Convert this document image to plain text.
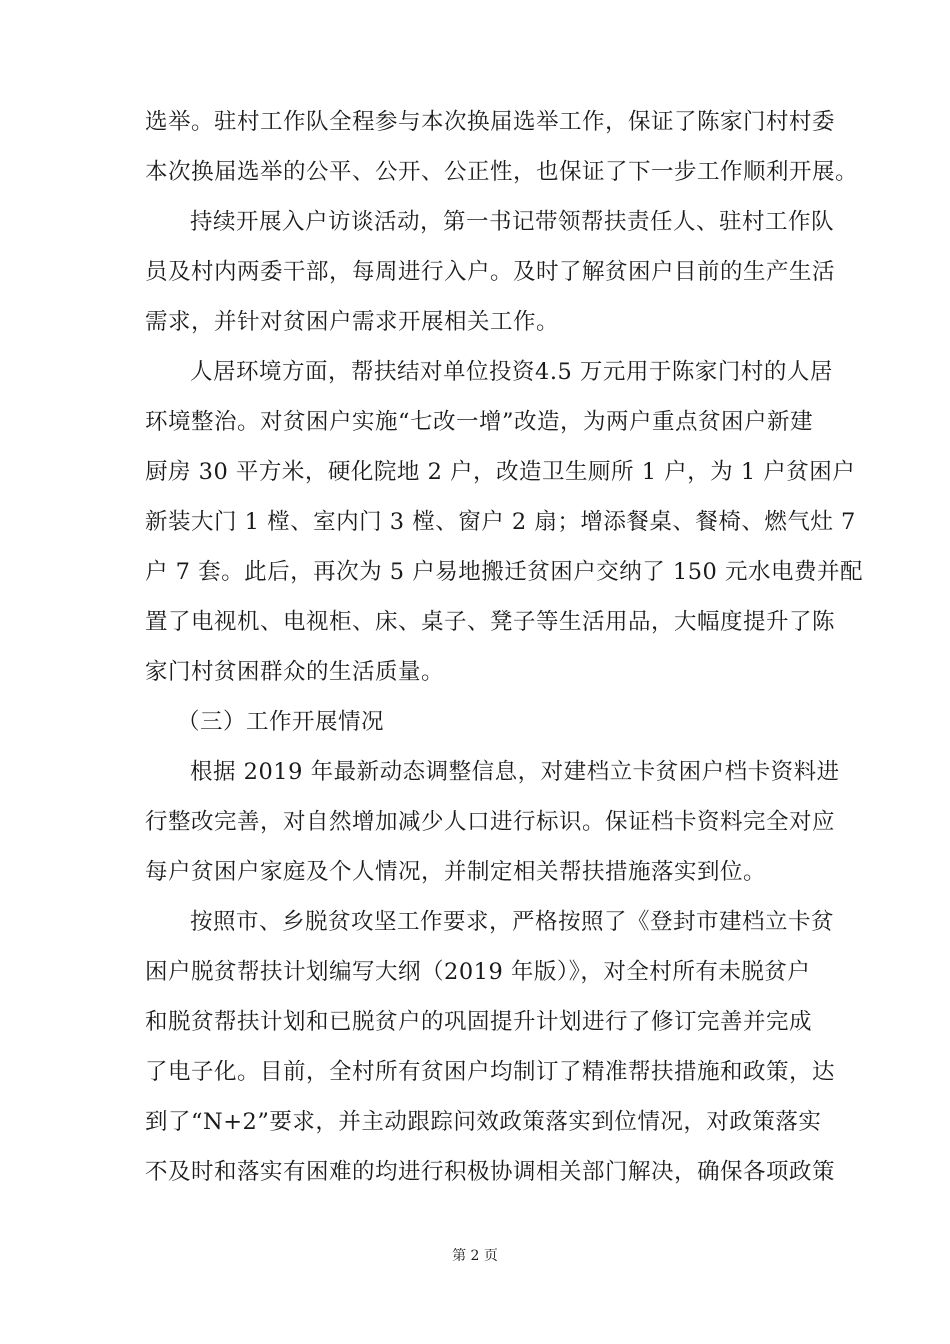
选举。驻村工作队全程参与本次换届选举工作，保证了陈家门村村委
本次换届选举的公平、公开、公正性，也保证了下一步工作顺利开展。
持续开展入户访谈活动，第一书记带领帮扶责任人、驻村工作队
员及村内两委干部，每周进行入户。及时了解贫困户目前的生产生活
需求，并针对贫困户需求开展相关工作。
人居环境方面，帮扶结对单位投资4.5 万元用于陈家门村的人居
环境整治。对贫困户实施“七改一增”改造，为两户重点贫困户新建
厨房 30 平方米，硬化院地 2 户，改造卫生厕所 1 户，为 1 户贫困户
新装大门 1 樘、室内门 3 樘、窗户 2 扇；增添餐桌、餐椅、燃气灶 7
户 7 套。此后，再次为 5 户易地搬迁贫困户交纳了 150 元水电费并配
置了电视机、电视柜、床、桌子、凳子等生活用品，大幅度提升了陈
家门村贫困群众的生活质量。
（三）工作开展情况
根据 2019 年最新动态调整信息，对建档立卡贫困户档卡资料进
行整改完善，对自然增加减少人口进行标识。保证档卡资料完全对应
每户贫困户家庭及个人情况，并制定相关帮扶措施落实到位。
按照市、乡脱贫攻坚工作要求，严格按照了《登封市建档立卡贫
困户脱贫帮扶计划编写大纲（2019 年版）》，对全村所有未脱贫户
和脱贫帮扶计划和已脱贫户的巩固提升计划进行了修订完善并完成
了电子化。目前，全村所有贫困户均制订了精准帮扶措施和政策，达
到了“N+2”要求，并主动跟踪问效政策落实到位情况，对政策落实
不及时和落实有困难的均进行积极协调相关部门解决，确保各项政策
第 2 页
